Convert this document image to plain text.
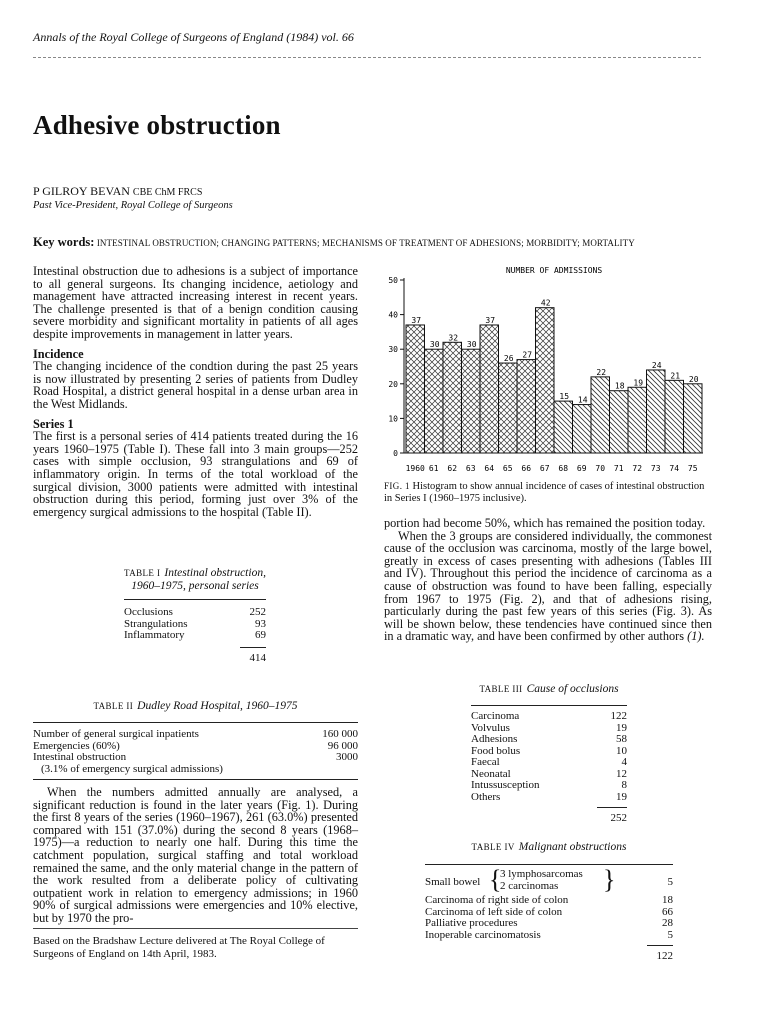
Annals of the Royal College of Surgeons of England (1984) vol. 66
Adhesive obstruction
P GILROY BEVAN CBE ChM FRCS
Past Vice-President, Royal College of Surgeons
Key words: INTESTINAL OBSTRUCTION; CHANGING PATTERNS; MECHANISMS OF TREATMENT OF ADHESIONS; MORBIDITY; MORTALITY

Intestinal obstruction due to adhesions is a subject of importance to all general surgeons. Its changing incidence, aetiology and management have attracted increasing interest in recent years. The challenge presented is that of a benign condition causing severe morbidity and significant mortality in patients of all ages despite improvements in management in latter years.

Incidence

The changing incidence of the condtion during the past 25 years is now illustrated by presenting 2 series of patients from Dudley Road Hospital, a district general hospital in a dense urban area in the West Midlands.

Series 1

The first is a personal series of 414 patients treated during the 16 years 1960–1975 (Table I). These fall into 3 main groups—252 cases with simple occlusion, 93 strangulations and 69 of inflammatory origin. In terms of the total workload of the surgical division, 3000 patients were admitted with intestinal obstruction during this period, forming just over 3% of the emergency surgical admissions to the hospital (Table II).

TABLE I Intestinal obstruction, 1960–1975, personal series
Occlusions	252
Strangulations	93
Inflammatory	69
414
TABLE II Dudley Road Hospital, 1960–1975
Number of general surgical inpatients	160 000
Emergencies (60%)	96 000
Intestinal obstruction	3000
(3.1% of emergency surgical admissions)	
When the numbers admitted annually are analysed, a significant reduction is found in the later years (Fig. 1). During the first 8 years of the series (1960–1967), 261 (63.0%) presented compared with 151 (37.0%) during the second 8 years (1968–1975)—a reduction to nearly one half. During this time the catchment population, surgical staffing and total workload remained the same, and the only material change in the pattern of the work resulted from a deliberate policy of cultivating outpatient work in relation to emergency admissions; in 1960 90% of surgical admissions were emergencies and 10% elective, but by 1970 the pro-
Based on the Bradshaw Lecture delivered at The Royal College of Surgeons of England on 14th April, 1983.
NUMBER OF ADMISSIONS
0
10
20
30
40
50
37
1960
30
61
32
62
30
63
37
64
26
65
27
66
42
67
15
68
14
69
22
70
18
71
19
72
24
73
21
74
20
75
FIG. 1 Histogram to show annual incidence of cases of intestinal obstruction in Series I (1960–1975 inclusive).

portion had become 50%, which has remained the position today.

When the 3 groups are considered individually, the commonest cause of the occlusion was carcinoma, mostly of the large bowel, greatly in excess of cases presenting with adhesions (Tables III and IV). Throughout this period the incidence of carcinoma as a cause of obstruction was found to have been falling, especially from 1967 to 1975 (Fig. 2), and that of adhesions rising, particularly during the past few years of this series (Fig. 3). As will be shown below, these tendencies have continued since then in a dramatic way, and have been confirmed by other authors (1).

TABLE III Cause of occlusions
Carcinoma	122
Volvulus	19
Adhesions	58
Food bolus	10
Faecal	4
Neonatal	12
Intussusception	8
Others	19
252
TABLE IV Malignant obstructions
Small bowel {
3 lymphosarcomas
2 carcinomas	}	5
Carcinoma of right side of colon	18
Carcinoma of left side of colon	66
Palliative procedures	28
Inoperable carcinomatosis	5
122
